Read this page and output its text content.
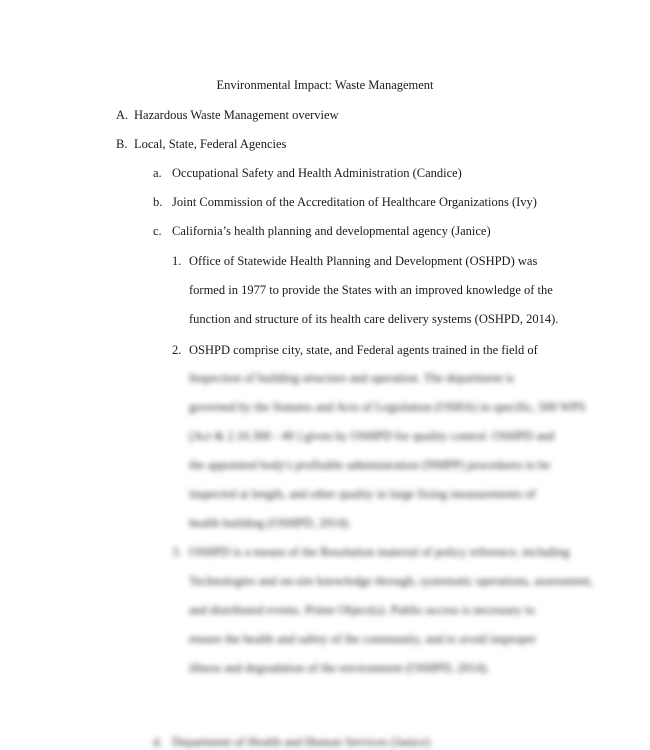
Environmental Impact: Waste Management
A. Hazardous Waste Management overview
B. Local, State, Federal Agencies
a. Occupational Safety and Health Administration (Candice)
b. Joint Commission of the Accreditation of Healthcare Organizations (Ivy)
c. California’s health planning and developmental agency (Janice)
1. Office of Statewide Health Planning and Development (OSHPD) was
formed in 1977 to provide the States with an improved knowledge of the
function and structure of its health care delivery systems (OSHPD, 2014).
2. OSHPD comprise city, state, and Federal agents trained in the field of
Inspection of building structure and operation. The department is
governed by the Statutes and Acts of Legislation (OSHA) in specific, 500 WPS
[Act & 2.10.300 - 49 ] given by OSHPD for quality control. OSHPD and
the appointed body's profitable administration (NMPP) procedures to be
inspected at length, and other quality in large fixing measurements of
health building (OSHPD, 2014).
3. OSHPD is a means of the Resolution material of policy reference, including
Technologies and on-site knowledge through, systematic operations, assessment,
and distributed events. Prime Object(s). Public-access is necessary to
ensure the health and safety of the community, and to avoid improper
illness and degradation of the environment (OSHPD, 2014).
d. Department of Health and Human Services (Janice)
